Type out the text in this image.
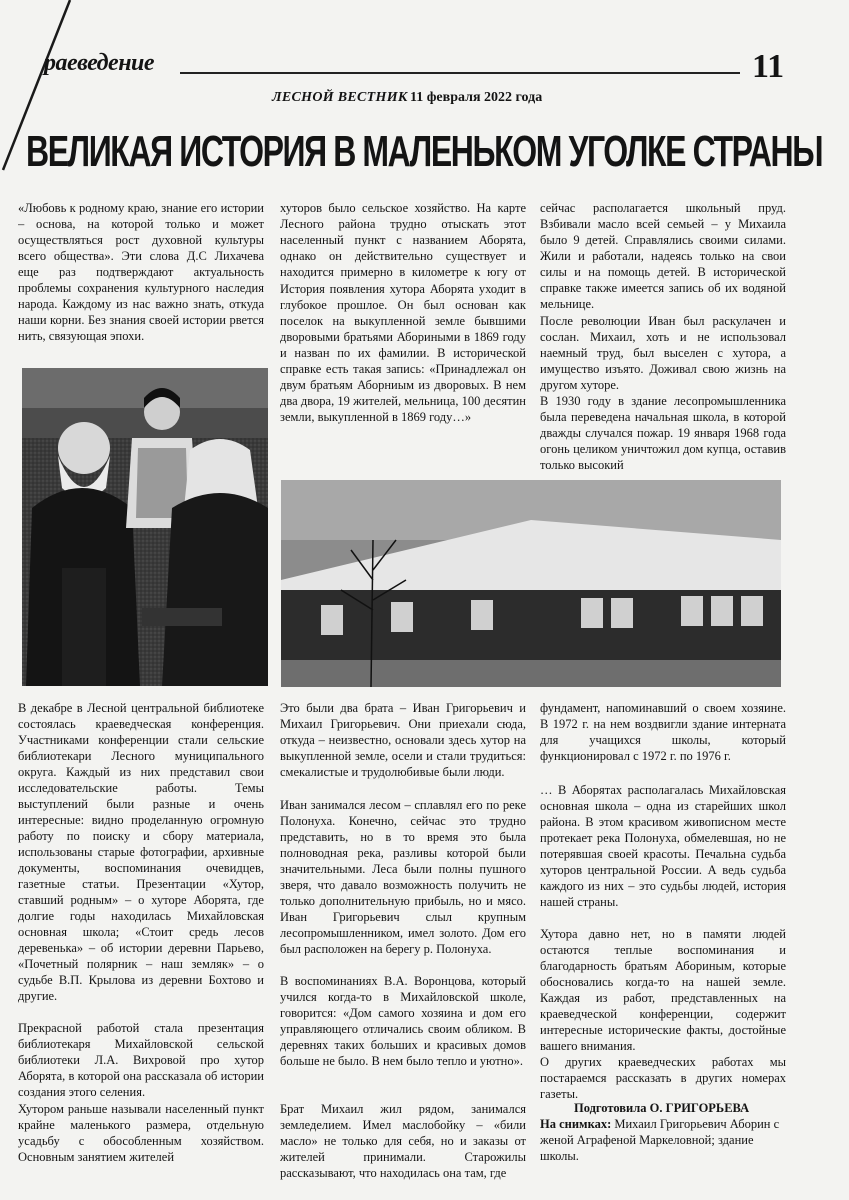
раеведение	11
ЛЕСНОЙ ВЕСТНИК 11 февраля 2022 года
ВЕЛИКАЯ ИСТОРИЯ В МАЛЕНЬКОМ УГОЛКЕ СТРАНЫ
«Любовь к родному краю, знание его истории – основа, на которой только и может осуществляться рост духовной культуры всего общества». Эти слова Д.С Лихачева еще раз подтверждают актуальность проблемы сохранения культурного наследия народа. Каждому из нас важно знать, откуда наши корни. Без знания своей истории рвется нить, связующая эпохи.
хуторов было сельское хозяйство. На карте Лесного района трудно отыскать этот населенный пункт с названием Аборята, однако он действительно существует и находится примерно в километре к югу от
История появления хутора Аборята уходит в глубокое прошлое. Он был основан как поселок на выкупленной земле бывшими дворовыми братьями Абориными в 1869 году и назван по их фамилии. В исторической справке есть такая запись: «Принадлежал он двум братьям Аборниым из дворовых. В нем два двора, 19 жителей, мельница, 100 десятин земли, выкупленной в 1869 году…»
сейчас располагается школьный пруд. Взбивали масло всей семьей – у Михаила было 9 детей. Справлялись своими силами. Жили и работали, надеясь только на свои силы и на помощь детей. В исторической справке также имеется запись об их водяной мельнице.
После революции Иван был раскулачен и сослан. Михаил, хоть и не использовал наемный труд, был выселен с хутора, а имущество изъято. Доживал свою жизнь на другом хуторе.
В 1930 году в здание лесопромышленника была переведена начальная школа, в которой дважды случался пожар. 19 января 1968 года огонь целиком уничтожил дом купца, оставив только высокий
В декабре в Лесной центральной библиотеке состоялась краеведческая конференция. Участниками конференции стали сельские библиотекари Лесного муниципального округа. Каждый из них представил свои исследовательские работы. Темы выступлений были разные и очень интересные: видно проделанную огромную работу по поиску и сбору материала, использованы старые фотографии, архивные документы, воспоминания очевидцев, газетные статьи. Презентации «Хутор, ставший родным» – о хуторе Аборята, где долгие годы находилась Михайловская основная школа; «Стоит средь лесов деревенька» – об истории деревни Парьево, «Почетный полярник – наш земляк» – о судьбе В.П. Крылова из деревни Бохтово и другие.
Прекрасной работой стала презентация библиотекаря Михайловской сельской библиотеки Л.А. Вихровой про хутор Аборята, в которой она рассказала об истории создания этого селения.
Хутором раньше называли населенный пункт крайне маленького размера, отдельную усадьбу с обособленным хозяйством. Основным занятием жителей
Это были два брата – Иван Григорьевич и Михаил Григорьевич. Они приехали сюда, откуда – неизвестно, основали здесь хутор на выкупленной земле, осели и стали трудиться: смекалистые и трудолюбивые были люди.
Иван занимался лесом – сплавлял его по реке Полонуха. Конечно, сейчас это трудно представить, но в то время это была полноводная река, разливы которой были значительными. Леса были полны пушного зверя, что давало возможность получить не только дополнительную прибыль, но и мясо. Иван Григорьевич слыл крупным лесопромышленником, имел золото. Дом его был расположен на берегу р. Полонуха.
В воспоминаниях В.А. Воронцова, который учился когда-то в Михайловской школе, говорится: «Дом самого хозяина и дом его управляющего отличались своим обликом. В деревнях таких больших и красивых домов больше не было. В нем было тепло и уютно».
Брат Михаил жил рядом, занимался земледелием. Имел маслобойку – «били масло» не только для себя, но и заказы от жителей принимали. Старожилы рассказывают, что находилась она там, где
фундамент, напоминавший о своем хозяине. В 1972 г. на нем воздвигли здание интерната для учащихся школы, который функционировал с 1972 г. по 1976 г.
… В Аборятах располагалась Михайловская основная школа – одна из старейших школ района. В этом красивом живописном месте протекает река Полонуха, обмелевшая, но не потерявшая своей красоты. Печальна судьба хуторов центральной России. А ведь судьба каждого из них – это судьбы людей, история нашей страны.
Хутора давно нет, но в памяти людей остаются теплые воспоминания и благодарность братьям Абориным, которые обосновались когда-то на нашей земле. Каждая из работ, представленных на краеведческой конференции, содержит интересные исторические факты, достойные вашего внимания.
О других краеведческих работах мы постараемся рассказать в других номерах газеты.
Подготовила О. ГРИГОРЬЕВА
На снимках: Михаил Григорьевич Аборин с женой Аграфеной Маркеловной; здание школы.
